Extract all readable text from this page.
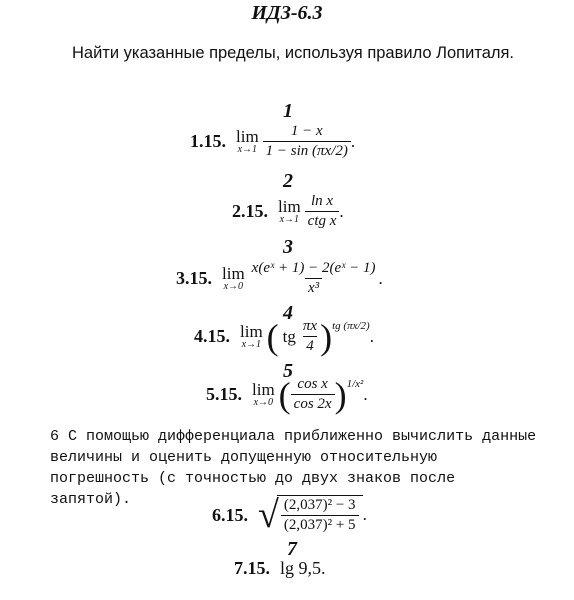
ИДЗ-6.3
Найти указанные пределы, используя правило Лопиталя.
1
1.15. lim
$x\to 1 \frac{1 - x}{1 - \sin (\pi x/2)}$ .
2
2.15. lim
$x\to 1 \frac{\text{ln x}}{\text{ctg x}}$ .
3
3.15. lim
$x\to 0 \frac{\text{x(eˣ + 1) − 2(eˣ − 1)}}{\text{x³}}$ .
4
4.15. lim
x→1 ( tg $\frac{\pi x}{4}$ ) tg (πx/2)
.
5
5.15. lim
x→0 ( $\frac{\text{cos x}}{\cos 2x}$ ) 1/x²
.
6 С помощью дифференциала приближенно вычислить данные величины и оценить допущенную относительную погрешность (с точностью до двух знаков после запятой).
6.15. √ $\frac{\text{(2,037)² − 3}}{\text{(2,037)² + 5}}$ .
7
7.15. lg 9,5.
